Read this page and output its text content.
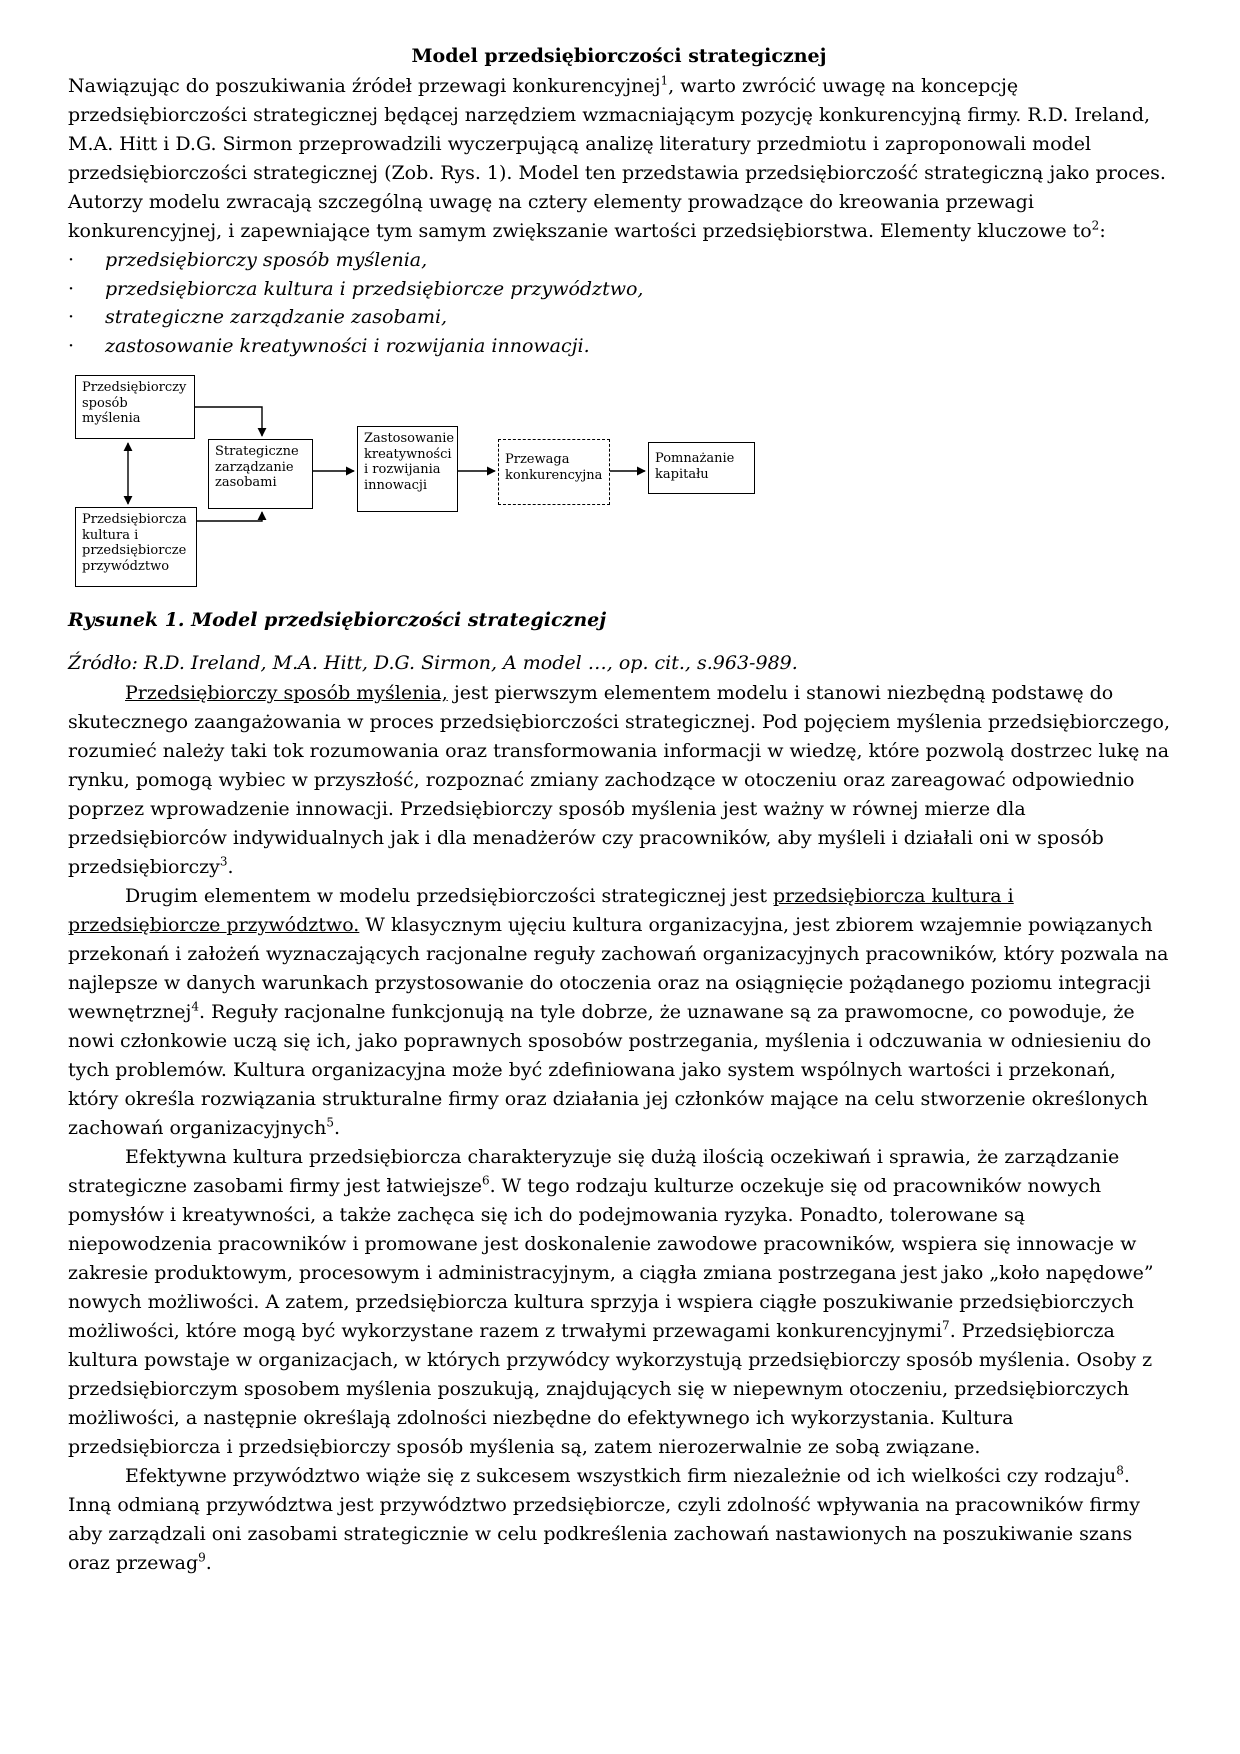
Model przedsiębiorczości strategicznej

Nawiązując do poszukiwania źródeł przewagi konkurencyjnej$^1$, warto zwrócić uwagę na koncepcję przedsiębiorczości strategicznej będącej narzędziem wzmacniającym pozycję konkurencyjną firmy. R.D. Ireland, M.A. Hitt i D.G. Sirmon przeprowadzili wyczerpującą analizę literatury przedmiotu i zaproponowali model przedsiębiorczości strategicznej (Zob. Rys. 1). Model ten przedstawia przedsiębiorczość strategiczną jako proces. Autorzy modelu zwracają szczególną uwagę na cztery elementy prowadzące do kreowania przewagi konkurencyjnej, i zapewniające tym samym zwiększanie wartości przedsiębiorstwa. Elementy kluczowe $to^2$:

· przedsiębiorczy sposób myślenia,
· przedsiębiorcza kultura i przedsiębiorcze przywództwo,
· strategiczne zarządzanie zasobami,
· zastosowanie kreatywności i rozwijania innowacji.
Przedsiębiorczy sposób myślenia
Przedsiębiorcza kultura i przedsiębiorcze przywództwo
Strategiczne zarządzanie zasobami
Zastosowanie kreatywności i rozwijania innowacji
Przewaga konkurencyjna
Pomnażanie kapitału

Rysunek 1. Model przedsiębiorczości strategicznej

Źródło: R.D. Ireland, M.A. Hitt, D.G. Sirmon, A model …, op. cit., s.963-989.

Przedsiębiorczy sposób myślenia, jest pierwszym elementem modelu i stanowi niezbędną podstawę do skutecznego zaangażowania w proces przedsiębiorczości strategicznej. Pod pojęciem myślenia przedsiębiorczego, rozumieć należy taki tok rozumowania oraz transformowania informacji w wiedzę, które pozwolą dostrzec lukę na rynku, pomogą wybiec w przyszłość, rozpoznać zmiany zachodzące w otoczeniu oraz zareagować odpowiednio poprzez wprowadzenie innowacji. Przedsiębiorczy sposób myślenia jest ważny w równej mierze dla przedsiębiorców indywidualnych jak i dla menadżerów czy pracowników, aby myśleli i działali oni w sposób przedsiębiorczy$^3$.

Drugim elementem w modelu przedsiębiorczości strategicznej jest przedsiębiorcza kultura i przedsiębiorcze przywództwo. W klasycznym ujęciu kultura organizacyjna, jest zbiorem wzajemnie powiązanych przekonań i założeń wyznaczających racjonalne reguły zachowań organizacyjnych pracowników, który pozwala na najlepsze w danych warunkach przystosowanie do otoczenia oraz na osiągnięcie pożądanego poziomu integracji wewnętrznej$^4$. Reguły racjonalne funkcjonują na tyle dobrze, że uznawane są za prawomocne, co powoduje, że nowi członkowie uczą się ich, jako poprawnych sposobów postrzegania, myślenia i odczuwania w odniesieniu do tych problemów. Kultura organizacyjna może być zdefiniowana jako system wspólnych wartości i przekonań, który określa rozwiązania strukturalne firmy oraz działania jej członków mające na celu stworzenie określonych zachowań organizacyjnych$^5$.

Efektywna kultura przedsiębiorcza charakteryzuje się dużą ilością oczekiwań i sprawia, że zarządzanie strategiczne zasobami firmy jest łatwiejsze$^6$. W tego rodzaju kulturze oczekuje się od pracowników nowych pomysłów i kreatywności, a także zachęca się ich do podejmowania ryzyka. Ponadto, tolerowane są niepowodzenia pracowników i promowane jest doskonalenie zawodowe pracowników, wspiera się innowacje w zakresie produktowym, procesowym i administracyjnym, a ciągła zmiana postrzegana jest jako „koło napędowe” nowych możliwości. A zatem, przedsiębiorcza kultura sprzyja i wspiera ciągłe poszukiwanie przedsiębiorczych możliwości, które mogą być wykorzystane razem z trwałymi przewagami konkurencyjnymi$^7$. Przedsiębiorcza kultura powstaje w organizacjach, w których przywódcy wykorzystują przedsiębiorczy sposób myślenia. Osoby z przedsiębiorczym sposobem myślenia poszukują, znajdujących się w niepewnym otoczeniu, przedsiębiorczych możliwości, a następnie określają zdolności niezbędne do efektywnego ich wykorzystania. Kultura przedsiębiorcza i przedsiębiorczy sposób myślenia są, zatem nierozerwalnie ze sobą związane.

Efektywne przywództwo wiąże się z sukcesem wszystkich firm niezależnie od ich wielkości czy rodzaju$^8$. Inną odmianą przywództwa jest przywództwo przedsiębiorcze, czyli zdolność wpływania na pracowników firmy aby zarządzali oni zasobami strategicznie w celu podkreślenia zachowań nastawionych na poszukiwanie szans oraz przewag$^9$.
